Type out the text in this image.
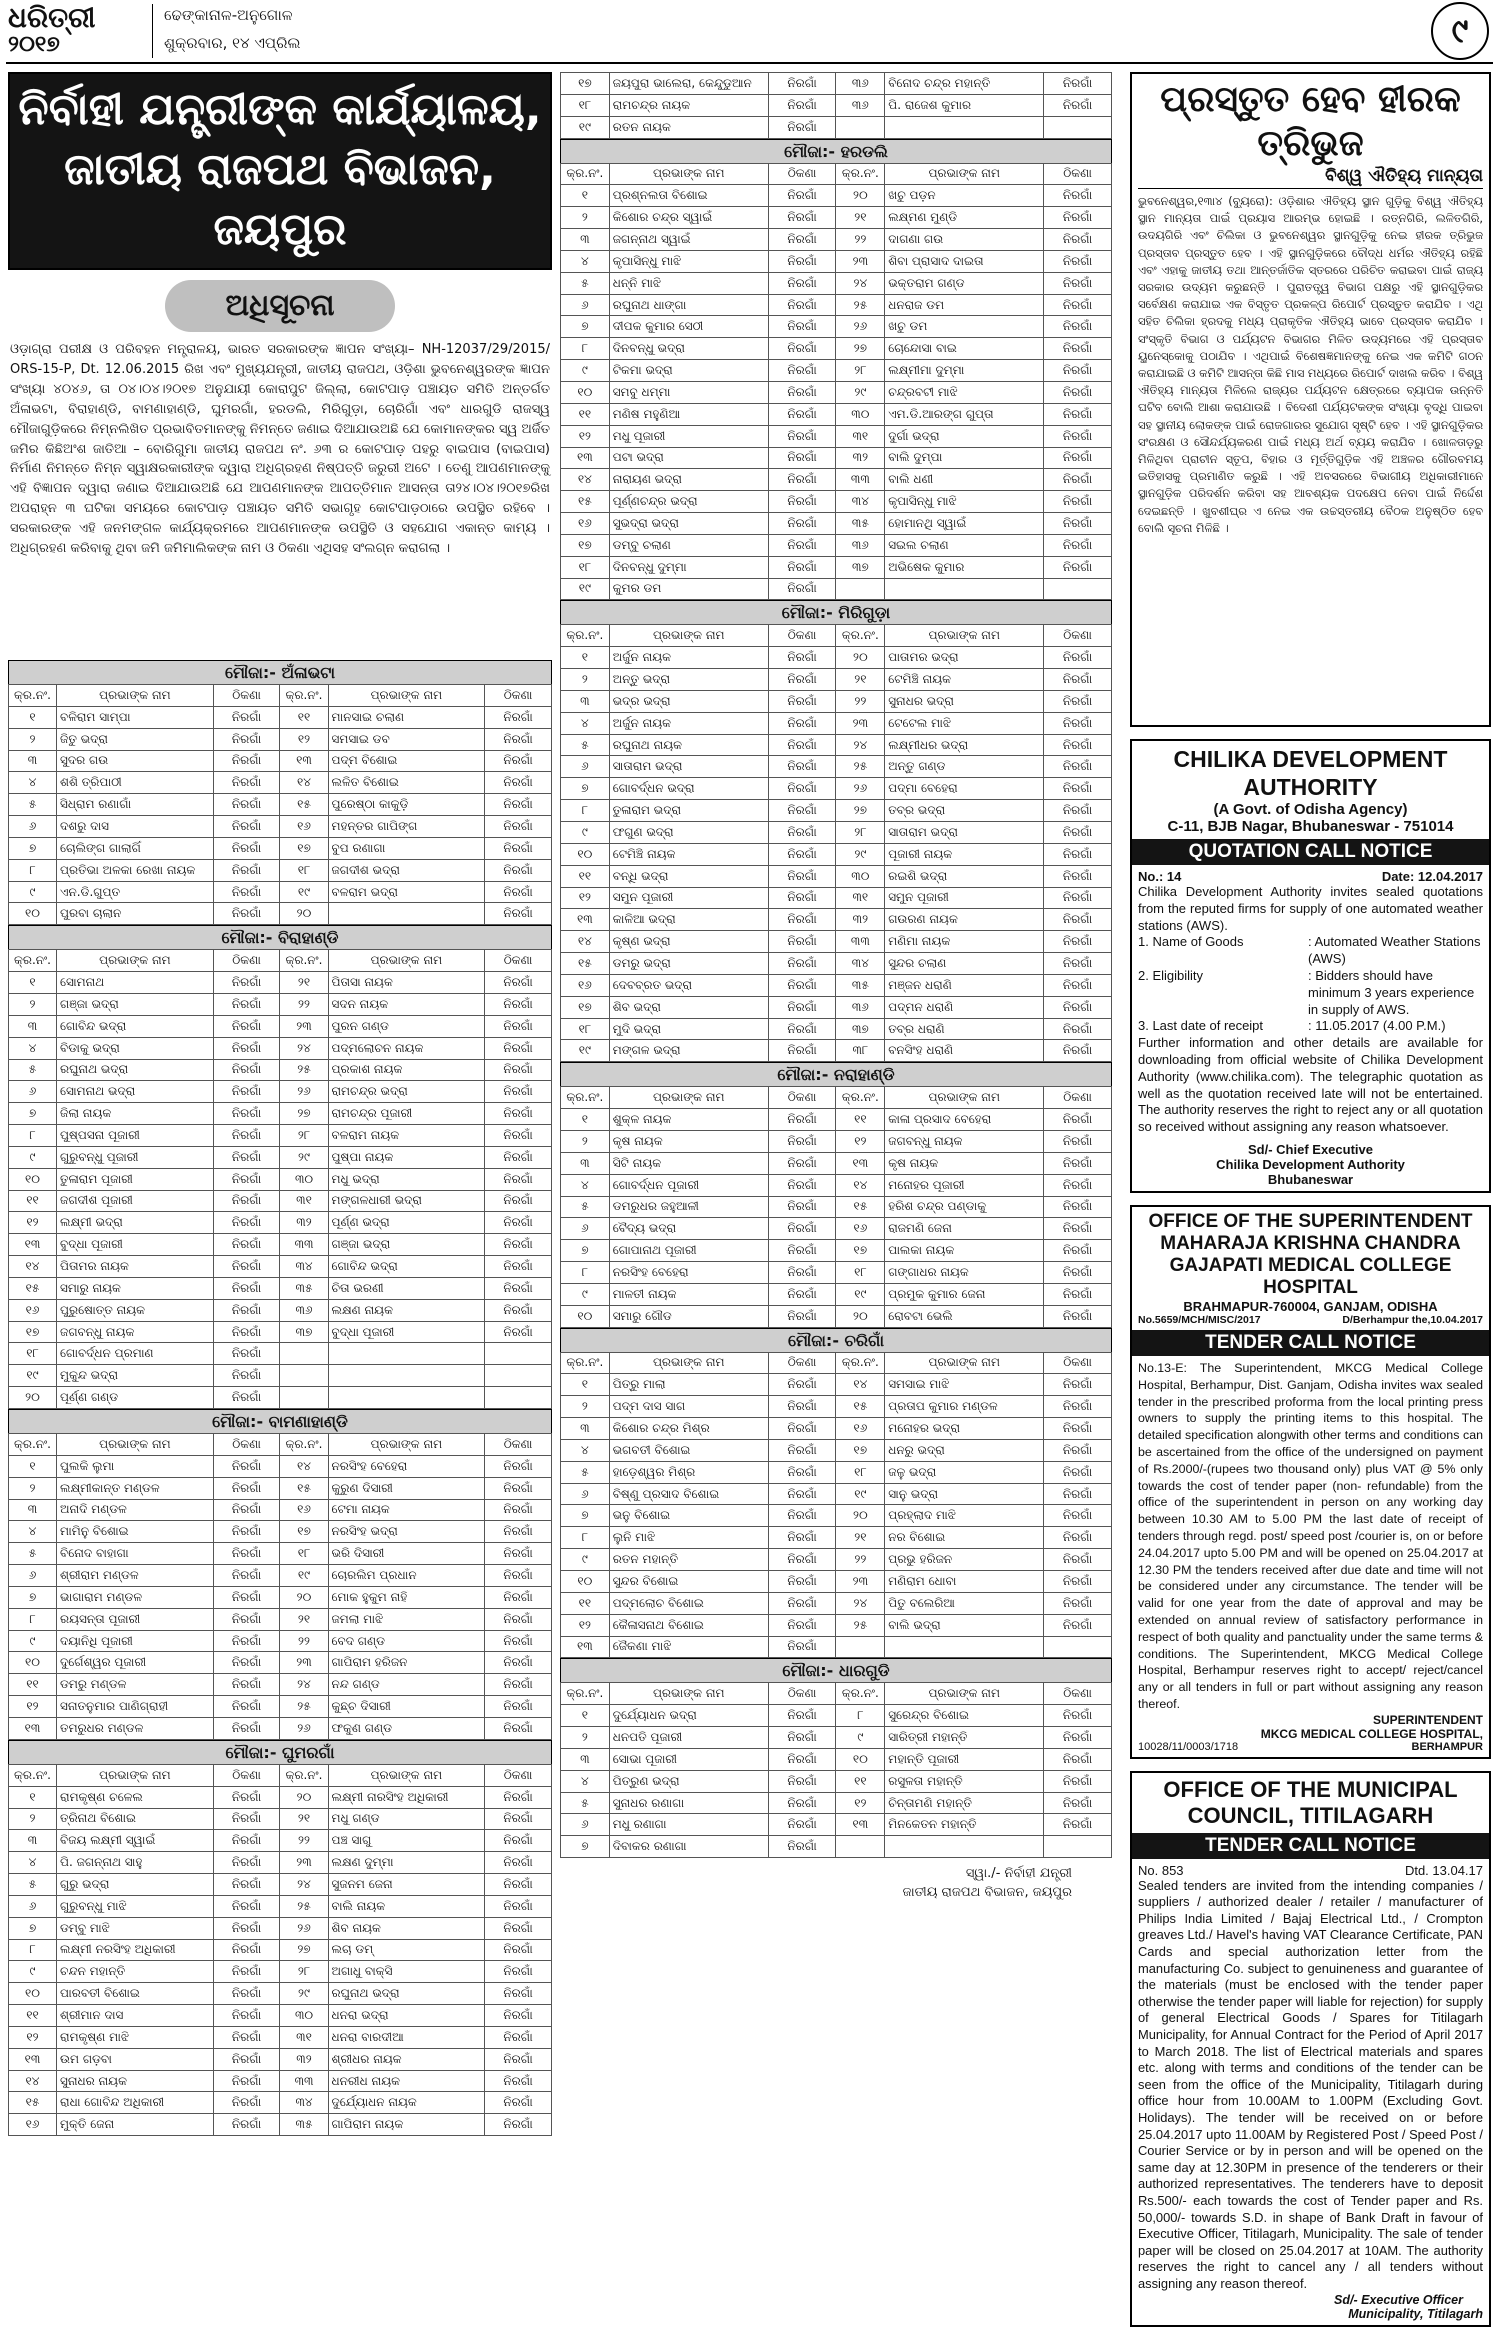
ଧରିତ୍ରୀ
୨୦୧୭
ଢେଙ୍କାନାଳ-ଅନୁଗୋଳ
ଶୁକ୍ରବାର, ୧୪ ଏପ୍ରିଲ	୯
ନିର୍ବାହୀ ଯନ୍ତ୍ରୀଙ୍କ କାର୍ଯ୍ୟାଳୟ,
ଜାତୀୟ ରାଜପଥ ବିଭାଜନ, ଜୟପୁର
ଅଧିସୂଚନା
ଓଡ଼ାଗ୍ରା ପରୀକ୍ଷ ଓ ପରିବହନ ମନ୍ତ୍ରାଳୟ, ଭାରତ ସରକାରଙ୍କ ଜ୍ଞାପନ ସଂଖ୍ୟା– NH-12037/29/2015/ ORS-15-P, Dt. 12.06.2015 ରିଖ ଏବଂ ମୁଖ୍ୟଯନ୍ତ୍ରୀ, ଜାତୀୟ ରାଜପଥ, ଓଡ଼ିଶା ଭୁବନେଶ୍ୱରଙ୍କ ଜ୍ଞାପନ ସଂଖ୍ୟା ୪୦୪୬, ତା ୦୪।୦୪।୨୦୧୭ ଅନୁଯାୟୀ କୋରାପୁଟ ଜିଲ୍ଲା, କୋଟପାଡ଼ ପଞ୍ଚାୟତ ସମିତି ଅନ୍ତର୍ଗତ ଅଁଳାଭଟା, ବିରାହାଣ୍ଡି, ବାମଣାହାଣ୍ଡି, ଘୁମରଗାଁ, ହରଡଲି, ମିରିଗୁଡ଼ା, ଚୋରିଗାଁ ଏବଂ ଧାରଗୁଡି ରାଜସ୍ୱ ମୌଜାଗୁଡ଼ିକରେ ନିମ୍ନଲିଖିତ ପ୍ରଭାବିତମାନଙ୍କୁ ନିମନ୍ତେ ଜଣାଇ ଦିଆଯାଉଅଛି ଯେ କୋମାନଙ୍କର ସ୍ୱ ଅର୍ଜିତ ଜମିର କିଛିଅଂଶ ଜାତିଆ – ବୋରିଗୁମା ଜାତୀୟ ରାଜପଥ ନଂ. ୬୩ ର କୋଟପାଡ଼ ପହରୁ ବାଇପାସ (ବାଇପାସ) ନିର୍ମାଣ ନିମନ୍ତେ ନିମ୍ନ ସ୍ୱାକ୍ଷରକାରୀଙ୍କ ଦ୍ୱାରା ଅଧିଗ୍ରହଣ ନିଷ୍ପତ୍ତି ଜରୁରୀ ଅଟେ । ତେଣୁ ଆପଣମାନଙ୍କୁ ଏହି ବିଜ୍ଞାପନ ଦ୍ୱାରା ଜଣାଇ ଦିଆଯାଉଅଛି ଯେ ଆପଣମାନଙ୍କ ଆପତ୍ତିମାନ ଆସନ୍ତା ତା୨୪।୦୪।୨୦୧୭ରିଖ ଅପରାହ୍ନ ୩ ଘଟିକା ସମୟରେ କୋଟପାଡ଼ ପଞ୍ଚାୟତ ସମିତି ସଭାଗୃହ କୋଟପାଡ଼ଠାରେ ଉପସ୍ଥିତ ରହିବେ । ସରକାରଙ୍କ ଏହି ଜନମଙ୍ଗଳ କାର୍ଯ୍ୟକ୍ରମରେ ଆପଣମାନଙ୍କ ଉପସ୍ଥିତି ଓ ସହଯୋଗ ଏକାନ୍ତ କାମ୍ୟ । ଅଧିଗ୍ରହଣ କରିବାକୁ ଥିବା ଜମି ଜମିମାଲିକଙ୍କ ନାମ ଓ ଠିକଣା ଏଥିସହ ସଂଲଗ୍ନ କରାଗଲା ।
ମୌଜା:- ଅଁଳାଭଟା
କ୍ର.ନଂ.	ପ୍ରଭାଙ୍କ ନାମ	ଠିକଣା	କ୍ର.ନଂ.	ପ୍ରଭାଙ୍କ ନାମ	ଠିକଣା
୧	ବଳିରାମ ସାମ୍ପା	ନିରଗାଁ	୧୧	ମାନସାଇ ଚଲାଣ	ନିରଗାଁ
୨	ଜିତୁ ଭଦ୍ରା	ନିରଗାଁ	୧୨	ସମସାଇ ଡବ	ନିରଗାଁ
୩	ସୁଦର ଗଉ	ନିରଗାଁ	୧୩	ପଦ୍ମ ବିଶୋଇ	ନିରଗାଁ
୪	ଶଶି ତ୍ରିପାଠୀ	ନିରଗାଁ	୧୪	ଲଳିତ ବିଶୋଇ	ନିରଗାଁ
୫	ସିଧ୍ରାମ ରଣାଗାଁ	ନିରଗାଁ	୧୫	ପୁରେଷ୍ଠା କାକୁଡ଼ି	ନିରଗାଁ
୬	ଦଶରୁ ଦାସ	ନିରଗାଁ	୧୬	ମହନ୍ତର ଗାପିଙ୍ଗ	ନିରଗାଁ
୭	ଚୋଲିଙ୍ଗ ଗାଲାଗିଁ	ନିରଗାଁ	୧୭	ବୁପ ରଣାଗା	ନିରଗାଁ
୮	ପ୍ରତିଭା ଅଳକା ରେଖା ନାୟକ	ନିରଗାଁ	୧୮	ଜଗଦୀଶ ଭଦ୍ରା	ନିରଗାଁ
୯	ଏନ.ଡି.ଗୁପ୍ତ	ନିରଗାଁ	୧୯	ବଳରାମ ଭଦ୍ରା	ନିରଗାଁ
୧୦	ପୁରବା ଚାଲାନ	ନିରଗାଁ	୨୦		ନିରଗାଁ
ମୌଜା:- ବିରାହାଣ୍ଡି
କ୍ର.ନଂ.	ପ୍ରଭାଙ୍କ ନାମ	ଠିକଣା	କ୍ର.ନଂ.	ପ୍ରଭାଙ୍କ ନାମ	ଠିକଣା
୧	ସୋମନାଥ	ନିରଗାଁ	୨୧	ପିତାସା ନାୟକ	ନିରଗାଁ
୨	ଗଞ୍ଜା ଭଦ୍ରା	ନିରଗାଁ	୨୨	ସଦନ ନାୟକ	ନିରଗାଁ
୩	ଗୋବିନ୍ଦ ଭଦ୍ରା	ନିରଗାଁ	୨୩	ପୁରନ ଗଣ୍ଡ	ନିରଗାଁ
୪	ବିଡାକୁ ଭଦ୍ରା	ନିରଗାଁ	୨୪	ପଦ୍ମଲୋଚନ ନାୟକ	ନିରଗାଁ
୫	ରଘୁନାଥ ଭଦ୍ରା	ନିରଗାଁ	୨୫	ପ୍ରକାଶ ନାୟକ	ନିରଗାଁ
୬	ସୋମନାଥ ଭଦ୍ରା	ନିରଗାଁ	୨୬	ରାମଚନ୍ଦ୍ର ଭଦ୍ରା	ନିରଗାଁ
୭	ଜିଲା ନାୟକ	ନିରଗାଁ	୨୭	ରାମଚନ୍ଦ୍ର ପୂଜାରୀ	ନିରଗାଁ
୮	ପୁଷ୍ପସନା ପୂଜାରୀ	ନିରଗାଁ	୨୮	ବଳରାମ ନାୟକ	ନିରଗାଁ
୯	ଗୁରୁବନ୍ଧୁ ପୂଜାରୀ	ନିରଗାଁ	୨୯	ପୁଷ୍ପା ନାୟକ	ନିରଗାଁ
୧୦	ତୁଳାରାମ ପୂଜାରୀ	ନିରଗାଁ	୩୦	ମଧୁ ଭଦ୍ରା	ନିରଗାଁ
୧୧	ଜଗଦୀଶ ପୂଜାରୀ	ନିରଗାଁ	୩୧	ମଙ୍ଗଳଧାରୀ ଭଦ୍ରା	ନିରଗାଁ
୧୨	ଲକ୍ଷ୍ମୀ ଭଦ୍ରା	ନିରଗାଁ	୩୨	ପୂର୍ଣ୍ଣ ଭଦ୍ରା	ନିରଗାଁ
୧୩	ବୁଦ୍ଧା ପୂଜାରୀ	ନିରଗାଁ	୩୩	ଗଞ୍ଜା ଭଦ୍ରା	ନିରଗାଁ
୧୪	ପିତାମର ନାୟକ	ନିରଗାଁ	୩୪	ଗୋବିନ୍ଦ ଭଦ୍ରା	ନିରଗାଁ
୧୫	ସମାରୁ ନାୟକ	ନିରଗାଁ	୩୫	ଚିତା ଭରଣୀ	ନିରଗାଁ
୧୬	ପୁରୁଷୋତ୍ତ ନାୟକ	ନିରଗାଁ	୩୬	ଲକ୍ଷଣ ନାୟକ	ନିରଗାଁ
୧୭	ଜଗବନ୍ଧୁ ନାୟକ	ନିରଗାଁ	୩୭	ବୁଦ୍ଧା ପୂଜାରୀ	ନିରଗାଁ
୧୮	ଗୋବର୍ଦ୍ଧନ ପ୍ରମାଣ	ନିରଗାଁ			
୧୯	ମୁକୁନ୍ଦ ଭଦ୍ରା	ନିରଗାଁ			
୨୦	ପୂର୍ଣ୍ଣ ଗଣ୍ଡ	ନିରଗାଁ			
ମୌଜା:- ବାମଣାହାଣ୍ଡି
କ୍ର.ନଂ.	ପ୍ରଭାଙ୍କ ନାମ	ଠିକଣା	କ୍ର.ନଂ.	ପ୍ରଭାଙ୍କ ନାମ	ଠିକଣା
୧	ପୁଲକି ଲୁମା	ନିରଗାଁ	୧୪	ନରସିଂହ ବେହେରା	ନିରଗାଁ
୨	ଲକ୍ଷ୍ମୀକାନ୍ତ ମଣ୍ଡଳ	ନିରଗାଁ	୧୫	କୁରୁଣ ଦିସାରୀ	ନିରଗାଁ
୩	ଅନାଦି ମଣ୍ଡଳ	ନିରଗାଁ	୧୬	ଟେମା ନାୟକ	ନିରଗାଁ
୪	ମାମିନୁ ବିଶୋଇ	ନିରଗାଁ	୧୭	ନରସିଂହ ଭଦ୍ରା	ନିରଗାଁ
୫	ବିନୋଦ ବାହାଗା	ନିରଗାଁ	୧୮	ଭରି ଦିସାରୀ	ନିରଗାଁ
୬	ଶ୍ରୀରାମ ମଣ୍ଡଳ	ନିରଗାଁ	୧୯	ଚୋରଲିମ ପ୍ରଧାନ	ନିରଗାଁ
୭	ଭାଗାରାମ ମଣ୍ଡଳ	ନିରଗାଁ	୨୦	ମୋକ ହୁକୁମ ନାହି	ନିରଗାଁ
୮	ରୟସନ୍ତା ପୂଜାରୀ	ନିରଗାଁ	୨୧	ଜମଲା ମାଝି	ନିରଗାଁ
୯	ଦୟାନିଧି ପୂଜାରୀ	ନିରଗାଁ	୨୨	ବେଦ ଗଣ୍ଡ	ନିରଗାଁ
୧୦	ଦୁର୍ଗେଶ୍ୱର ପୂଜାରୀ	ନିରଗାଁ	୨୩	ଗାପିରାମ ହରିଜନ	ନିରଗାଁ
୧୧	ଡମରୁ ମଣ୍ଡଳ	ନିରଗାଁ	୨୪	ନନ୍ଦ ଗଣ୍ଡ	ନିରଗାଁ
୧୨	ସନାତନୁମାର ପାଣିଗ୍ରାହୀ	ନିରଗାଁ	୨୫	କୁଛ୍ଚ ଦିସାରୀ	ନିରଗାଁ
୧୩	ତମରୁଧର ମଣ୍ଡଳ	ନିରଗାଁ	୨୬	ଫକୁଣ ଗଣ୍ଡ	ନିରଗାଁ
ମୌଜା:- ଘୁମରଗାଁ
କ୍ର.ନଂ.	ପ୍ରଭାଙ୍କ ନାମ	ଠିକଣା	କ୍ର.ନଂ.	ପ୍ରଭାଙ୍କ ନାମ	ଠିକଣା
୧	ରାମକୃଷ୍ଣ ଚଳେଲ	ନିରଗାଁ	୨୦	ଲକ୍ଷ୍ମୀ ନାରସିଂହ ଅଧିକାରୀ	ନିରଗାଁ
୨	ତ୍ରିନାଥ ବିଶୋଇ	ନିରଗାଁ	୨୧	ମଧୁ ଗଣ୍ଡ	ନିରଗାଁ
୩	ବିଜୟ ଲକ୍ଷ୍ମୀ ସ୍ୱାଇଁ	ନିରଗାଁ	୨୨	ପଞ୍ଚ ସାଗୁ	ନିରଗାଁ
୪	ପି. ଜଗନ୍ନାଥ ସାହୁ	ନିରଗାଁ	୨୩	ଲକ୍ଷଣ ଦୁମ୍ମା	ନିରଗାଁ
୫	ଗୁରୁ ଭଦ୍ରା	ନିରଗାଁ	୨୪	ସୁଜନମ ଜେନା	ନିରଗାଁ
୬	ଗୁରୁବନ୍ଧୁ ମାଝି	ନିରଗାଁ	୨୫	ବାଲି ନାୟକ	ନିରଗାଁ
୭	ଡମ୍ବୁ ମାଝି	ନିରଗାଁ	୨୬	ଶିବ ନାୟକ	ନିରଗାଁ
୮	ଲକ୍ଷ୍ମୀ ନରସିଂହ ଅଧିକାରୀ	ନିରଗାଁ	୨୭	ଲଚା ଡମ୍	ନିରଗାଁ
୯	ଚନ୍ଦନ ମହାନ୍ତି	ନିରଗାଁ	୨୮	ଅଗାଧୁ ବାକ୍ସି	ନିରଗାଁ
୧୦	ପାରବତୀ ବିଶୋଇ	ନିରଗାଁ	୨୯	ରଘୁନାଥ ଭଦ୍ରା	ନିରଗାଁ
୧୧	ଶ୍ରୀମାନ ଦାସ	ନିରଗାଁ	୩୦	ଧନରା ଭଦ୍ରା	ନିରଗାଁ
୧୨	ରାମକୃଷ୍ଣ ମାଝି	ନିରଗାଁ	୩୧	ଧନରା ବାରଦୀଆ	ନିରଗାଁ
୧୩	ଉମ ଗଡ଼ବା	ନିରଗାଁ	୩୨	ଶ୍ରୀଧର ନାୟକ	ନିରଗାଁ
୧୪	ସୁନାଧର ନାୟକ	ନିରଗାଁ	୩୩	ଧନରୀଧ ନାୟକ	ନିରଗାଁ
୧୫	ରାଧା ଗୋବିନ୍ଦ ଅଧିକାରୀ	ନିରଗାଁ	୩୪	ଦୁର୍ଯ୍ୟୋଧନ ନାୟକ	ନିରଗାଁ
୧୬	ମୁକ୍ତି ଜେନା	ନିରଗାଁ	୩୫	ଗାପିରାମ ନାୟକ	ନିରଗାଁ
୧୭	ଜୟପୁରା ଭାଲେରା, କେନ୍ଦୁଡୁଆନ	ନିରଗାଁ	୩୬	ବିନୋଦ ଚନ୍ଦ୍ର ମହାନ୍ତି	ନିରଗାଁ
୧୮	ରାମଚନ୍ଦ୍ର ନାୟକ	ନିରଗାଁ	୩୬	ପି. ରାଜେଶ କୁମାର	ନିରଗାଁ
୧୯	ରତନ ନାୟକ	ନିରଗାଁ			
ମୌଜା:- ହରଡଲି
କ୍ର.ନଂ.	ପ୍ରଭାଙ୍କ ନାମ	ଠିକଣା	କ୍ର.ନଂ.	ପ୍ରଭାଙ୍କ ନାମ	ଠିକଣା
୧	ପ୍ରଶ୍ନଲତା ବିଶୋଇ	ନିରଗାଁ	୨୦	ଖଚୁ ପଡ଼ନ	ନିରଗାଁ
୨	କିଶୋର ଚନ୍ଦ୍ର ସ୍ୱାଇଁ	ନିରଗାଁ	୨୧	ଲକ୍ଷ୍ମଣ ମୁଣ୍ଡି	ନିରଗାଁ
୩	ଜଗନ୍ନାଥ ସ୍ୱାଇଁ	ନିରଗାଁ	୨୨	ଦାଗଣା ଗଉ	ନିରଗାଁ
୪	କୃପାସିନ୍ଧୁ ମାଝି	ନିରଗାଁ	୨୩	ଶିବା ପ୍ରାସାଦ ଦାଇତା	ନିରଗାଁ
୫	ଧନ୍ନି ମାଝି	ନିରଗାଁ	୨୪	ଭକ୍ତରାମ ଗଣ୍ଡ	ନିରଗାଁ
୬	ରଘୁନାଥ ଧାଙ୍ଗା	ନିରଗାଁ	୨୫	ଧନରାଜ ଡମ	ନିରଗାଁ
୭	ଦୀପକ କୁମାର ସେଠୀ	ନିରଗାଁ	୨୬	ଖଚୁ ଡମ	ନିରଗାଁ
୮	ଦିନବନ୍ଧୁ ଭଦ୍ରା	ନିରଗାଁ	୨୭	ଚୋନ୍ଦୋସା ବାଇ	ନିରଗାଁ
୯	ଟିକମା ଭଦ୍ରା	ନିରଗାଁ	୨୮	ଲକ୍ଷ୍ମୀମା ଦୁମ୍ମା	ନିରଗାଁ
୧୦	ସମବୁ ଧମ୍ମା	ନିରଗାଁ	୨୯	ଚନ୍ଦ୍ରବଟୀ ମାଝି	ନିରଗାଁ
୧୧	ମଣିଷ ମହୁଣିଆ	ନିରଗାଁ	୩୦	ଏମ.ଡି.ଆରଙ୍ଗ ଗୁପ୍ତା	ନିରଗାଁ
୧୨	ମଧୁ ପୂଜାରୀ	ନିରଗାଁ	୩୧	ଦୁର୍ଗା ଭଦ୍ରା	ନିରଗାଁ
୧୩	ପଟା ଭଦ୍ରା	ନିରଗାଁ	୩୨	ବାଲି ଦୁମ୍ପା	ନିରଗାଁ
୧୪	ନାରାୟଣ ଭଦ୍ରା	ନିରଗାଁ	୩୩	ବାଲି ଧଣୀ	ନିରଗାଁ
୧୫	ପୂର୍ଣ୍ଣଚନ୍ଦ୍ର ଭଦ୍ରା	ନିରଗାଁ	୩୪	କୃପାସିନ୍ଧୁ ମାଝି	ନିରଗାଁ
୧୬	ସୁଭଦ୍ରା ଭଦ୍ରା	ନିରଗାଁ	୩୫	ହୋମାନଥି ସ୍ୱାଇଁ	ନିରଗାଁ
୧୭	ଡମ୍ବୁ ଚଲାଣ	ନିରଗାଁ	୩୬	ସଇଲ ଚଲାଣ	ନିରଗାଁ
୧୮	ଦିନବନ୍ଧୁ ଦୁମ୍ମା	ନିରଗାଁ	୩୭	ଅଭିଷେକ କୁମାର	ନିରଗାଁ
୧୯	କୁମର ଡମ	ନିରଗାଁ			
ମୌଜା:- ମିରିଗୁଡ଼ା
କ୍ର.ନଂ.	ପ୍ରଭାଙ୍କ ନାମ	ଠିକଣା	କ୍ର.ନଂ.	ପ୍ରଭାଙ୍କ ନାମ	ଠିକଣା
୧	ଅର୍ଜୁନ ନାୟକ	ନିରଗାଁ	୨୦	ପାତାମର ଭଦ୍ରା	ନିରଗାଁ
୨	ଅନ୍ତୁ ଭଦ୍ରା	ନିରଗାଁ	୨୧	ଟେମିଞ୍ଚି ନାୟକ	ନିରଗାଁ
୩	ଭଦ୍ର ଭଦ୍ରା	ନିରଗାଁ	୨୨	ସୁନାଧର ଭଦ୍ରା	ନିରଗାଁ
୪	ଅର୍ଜୁନ ନାୟକ	ନିରଗାଁ	୨୩	ଟେଟେଲ ମାଝି	ନିରଗାଁ
୫	ରଘୁନାଥ ନାୟକ	ନିରଗାଁ	୨୪	ଲକ୍ଷ୍ମୀଧର ଭଦ୍ରା	ନିରଗାଁ
୬	ସାତାରାମ ଭଦ୍ରା	ନିରଗାଁ	୨୫	ଅନ୍ତୁ ଗଣ୍ଡ	ନିରଗାଁ
୭	ଗୋବର୍ଦ୍ଧନ ଭଦ୍ରା	ନିରଗାଁ	୨୬	ପଦ୍ମା ବେହେରା	ନିରଗାଁ
୮	ତୁଳାରାମ ଭଦ୍ରା	ନିରଗାଁ	୨୭	ତବ୍ର ଭଦ୍ରା	ନିରଗାଁ
୯	ଫଗୁଣ ଭଦ୍ରା	ନିରଗାଁ	୨୮	ସାତାରାମ ଭଦ୍ରା	ନିରଗାଁ
୧୦	ଟେମିଞ୍ଚି ନାୟକ	ନିରଗାଁ	୨୯	ପୂଜାରୀ ନାୟକ	ନିରଗାଁ
୧୧	ବନ୍ଧି ଭଦ୍ରା	ନିରଗାଁ	୩୦	ରଇଶି ଭଦ୍ରା	ନିରଗାଁ
୧୨	ସମୁନ ପୂଜାରୀ	ନିରଗାଁ	୩୧	ସମୁନ ପୂଜାରୀ	ନିରଗାଁ
୧୩	କାଳିଆ ଭଦ୍ରା	ନିରଗାଁ	୩୨	ଗଉରଣ ନାୟକ	ନିରଗାଁ
୧୪	କୃଷ୍ଣ ଭଦ୍ରା	ନିରଗାଁ	୩୩	ମଣିମା ନାୟକ	ନିରଗାଁ
୧୫	ଡମରୁ ଭଦ୍ରା	ନିରଗାଁ	୩୪	ସୁନ୍ଦର ଚଲାଣ	ନିରଗାଁ
୧୬	ଦେବବ୍ରତ ଭଦ୍ରା	ନିରଗାଁ	୩୫	ମଞ୍ଜନ ଧରାଣି	ନିରଗାଁ
୧୭	ଶିବ ଭଦ୍ରା	ନିରଗାଁ	୩୬	ପଦ୍ମନ ଧରାଣି	ନିରଗାଁ
୧୮	ମୁଦି ଭଦ୍ରା	ନିରଗାଁ	୩୭	ତବ୍ର ଧରାଣି	ନିରଗାଁ
୧୯	ମଙ୍ଗଳ ଭଦ୍ରା	ନିରଗାଁ	୩୮	ବନସିଂହ ଧରାଣି	ନିରଗାଁ
ମୌଜା:- ନରାହାଣ୍ଡି
କ୍ର.ନଂ.	ପ୍ରଭାଙ୍କ ନାମ	ଠିକଣା	କ୍ର.ନଂ.	ପ୍ରଭାଙ୍କ ନାମ	ଠିକଣା
୧	ଶୁକ୍ଳ ନାୟକ	ନିରଗାଁ	୧୧	କାଳା ପ୍ରସାଦ ବେହେରା	ନିରଗାଁ
୨	କୃଷ ନାୟକ	ନିରଗାଁ	୧୨	ଜଗବନ୍ଧୁ ନାୟକ	ନିରଗାଁ
୩	ସିଟି ନାୟକ	ନିରଗାଁ	୧୩	କୃଷ ନାୟକ	ନିରଗାଁ
୪	ଗୋବର୍ଦ୍ଧନ ପୂଜାରୀ	ନିରଗାଁ	୧୪	ମନୋହର ପୂଜାରୀ	ନିରଗାଁ
୫	ଡମରୁଧର ଜହୁଆଳୀ	ନିରଗାଁ	୧୫	ହରିଶ ଚନ୍ଦ୍ର ପଣ୍ଡାକୁ	ନିରଗାଁ
୬	ବୈଦ୍ୟ ଭଦ୍ରା	ନିରଗାଁ	୧୬	ରାଜମଣି ଜେନା	ନିରଗାଁ
୭	ଗୋପାନାଥ ପୂଜାରୀ	ନିରଗାଁ	୧୭	ପାଲକା ନାୟକ	ନିରଗାଁ
୮	ନରସିଂହ ବେହେରା	ନିରଗାଁ	୧୮	ଗଙ୍ଗାଧର ନାୟକ	ନିରଗାଁ
୯	ମାଳତୀ ନାୟକ	ନିରଗାଁ	୧୯	ପ୍ରମୁକ କୁମାର ଜେନା	ନିରଗାଁ
୧୦	ସମାରୁ ଗୌଡ	ନିରଗାଁ	୨୦	ରୋବଟା ଭେଲି	ନିରଗାଁ
ମୌଜା:- ଚରିଗାଁ
କ୍ର.ନଂ.	ପ୍ରଭାଙ୍କ ନାମ	ଠିକଣା	କ୍ର.ନଂ.	ପ୍ରଭାଙ୍କ ନାମ	ଠିକଣା
୧	ପିତ୍ରୁ ମାଲା	ନିରଗାଁ	୧୪	ସମସାଇ ମାଝି	ନିରଗାଁ
୨	ପଦ୍ମ ଦାସ ସାଗ	ନିରଗାଁ	୧୫	ପ୍ରତାପ କୁମାର ମଣ୍ଡଳ	ନିରଗାଁ
୩	କିଶୋର ଚନ୍ଦ୍ର ମିଶ୍ର	ନିରଗାଁ	୧୬	ମନୋହର ଭଦ୍ରା	ନିରଗାଁ
୪	ଭଗବତୀ ବିଶୋଇ	ନିରଗାଁ	୧୭	ଧନରୁ ଭଦ୍ରା	ନିରଗାଁ
୫	ହାଡ଼େଶ୍ୱର ମିଶ୍ର	ନିରଗାଁ	୧୮	ଜଳୁ ଭଦ୍ରା	ନିରଗାଁ
୬	ବିଷ୍ଣୁ ପ୍ରସାଦ ବିଶୋଇ	ନିରଗାଁ	୧୯	ସାନୁ ଭଦ୍ରା	ନିରଗାଁ
୭	ଭନୁ ବିଶୋଇ	ନିରଗାଁ	୨୦	ପ୍ରହ୍ଲାଦ ମାଝି	ନିରଗାଁ
୮	ଲୁନି ମାଝି	ନିରଗାଁ	୨୧	ନର ବିଶୋଇ	ନିରଗାଁ
୯	ରତନ ମହାନ୍ତି	ନିରଗାଁ	୨୨	ପ୍ରଭୁ ହରିଜନ	ନିରଗାଁ
୧୦	ସୁନ୍ଦର ବିଶୋଇ	ନିରଗାଁ	୨୩	ମଣିରାମ ଧୋବା	ନିରଗାଁ
୧୧	ପଦ୍ମଲୋଚ ବିଶୋଇ	ନିରଗାଁ	୨୪	ପିତୁ ବଲେରିଆ	ନିରଗାଁ
୧୨	କୈଳାସନାଥ ବିଶୋଇ	ନିରଗାଁ	୨୫	ବାଲି ଭଦ୍ରା	ନିରଗାଁ
୧୩	ଜୈକଣା ମାଝି	ନିରଗାଁ			
ମୌଜା:- ଧାରଗୁଡି
କ୍ର.ନଂ.	ପ୍ରଭାଙ୍କ ନାମ	ଠିକଣା	କ୍ର.ନଂ.	ପ୍ରଭାଙ୍କ ନାମ	ଠିକଣା
୧	ଦୁର୍ଯ୍ୟୋଧନ ଭଦ୍ରା	ନିରଗାଁ	୮	ସୁରେନ୍ଦ୍ର ବିଶୋଇ	ନିରଗାଁ
୨	ଧନପତି ପୂଜାରୀ	ନିରଗାଁ	୯	ସାରିତ୍ରୀ ମହାନ୍ତି	ନିରଗାଁ
୩	ସୋଭା ପୂଜାରୀ	ନିରଗାଁ	୧୦	ମହାନ୍ତି ପୂଜାରୀ	ନିରଗାଁ
୪	ପିତ୍ରୁଣ ଭଦ୍ରା	ନିରଗାଁ	୧୧	ରସୁଳତା ମହାନ୍ତି	ନିରଗାଁ
୫	ସୁନାଧର ରଣାଗା	ନିରଗାଁ	୧୨	ଚିନ୍ତାମଣି ମହାନ୍ତି	ନିରଗାଁ
୬	ମଧୁ ରଣାଗା	ନିରଗାଁ	୧୩	ମିନକେତନ ମହାନ୍ତି	ନିରଗାଁ
୭	ଦିବାକର ରଣାଗା	ନିରଗାଁ			
ସ୍ୱା./- ନିର୍ବାହୀ ଯନ୍ତ୍ରୀ
ଜାତୀୟ ରାଜପଥ ବିଭାଜନ, ଜୟପୁର
ପ୍ରସ୍ତୁତ ହେବ ହୀରକ ତ୍ରିଭୁଜ
ବିଶ୍ୱ ଐତିହ୍ୟ ମାନ୍ୟତା
ଭୁବନେଶ୍ୱର,୧୩ା୪ (ବ୍ୟୁରୋ): ଓଡ଼ିଶାର ଐତିହ୍ୟ ସ୍ଥାନ ଗୁଡ଼ିକୁ ବିଶ୍ୱ ଐତିହ୍ୟ ସ୍ଥାନ ମାନ୍ୟତା ପାଇଁ ପ୍ରୟାସ ଆରମ୍ଭ ହୋଇଛି । ରତ୍ନଗିରି, ଲଳିତଗିରି, ଉଦୟଗିରି ଏବଂ ଚିଲିକା ଓ ଭୁବନେଶ୍ୱର ସ୍ଥାନଗୁଡ଼ିକୁ ନେଇ ହୀରକ ତ୍ରିଭୁଜ ପ୍ରସ୍ତାବ ପ୍ରସ୍ତୁତ ହେବ । ଏହି ସ୍ଥାନଗୁଡ଼ିକରେ ବୌଦ୍ଧ ଧର୍ମର ଐତିହ୍ୟ ରହିଛି ଏବଂ ଏହାକୁ ଜାତୀୟ ତଥା ଆନ୍ତର୍ଜାତିକ ସ୍ତରରେ ପରିଚିତ କରାଇବା ପାଇଁ ରାଜ୍ୟ ସରକାର ଉଦ୍ୟମ କରୁଛନ୍ତି । ପୁରାତତ୍ତ୍ୱ ବିଭାଗ ପକ୍ଷରୁ ଏହି ସ୍ଥାନଗୁଡ଼ିକର ସର୍ବେକ୍ଷଣ କରାଯାଇ ଏକ ବିସ୍ତୃତ ପ୍ରକଳ୍ପ ରିପୋର୍ଟ ପ୍ରସ୍ତୁତ କରାଯିବ । ଏଥି ସହିତ ଚିଲିକା ହ୍ରଦକୁ ମଧ୍ୟ ପ୍ରାକୃତିକ ଐତିହ୍ୟ ଭାବେ ପ୍ରସ୍ତାବ କରାଯିବ । ସଂସ୍କୃତି ବିଭାଗ ଓ ପର୍ଯ୍ୟଟନ ବିଭାଗର ମିଳିତ ଉଦ୍ୟମରେ ଏହି ପ୍ରସ୍ତାବ ୟୁନେସ୍କୋକୁ ପଠାଯିବ । ଏଥିପାଇଁ ବିଶେଷଜ୍ଞମାନଙ୍କୁ ନେଇ ଏକ କମିଟି ଗଠନ କରାଯାଇଛି ଓ କମିଟି ଆସନ୍ତା କିଛି ମାସ ମଧ୍ୟରେ ରିପୋର୍ଟ ଦାଖଲ କରିବ । ବିଶ୍ୱ ଐତିହ୍ୟ ମାନ୍ୟତା ମିଳିଲେ ରାଜ୍ୟର ପର୍ଯ୍ୟଟନ କ୍ଷେତ୍ରରେ ବ୍ୟାପକ ଉନ୍ନତି ଘଟିବ ବୋଲି ଆଶା କରାଯାଉଛି । ବିଦେଶୀ ପର୍ଯ୍ୟଟକଙ୍କ ସଂଖ୍ୟା ବୃଦ୍ଧି ପାଇବା ସହ ସ୍ଥାନୀୟ ଲୋକଙ୍କ ପାଇଁ ରୋଜଗାରର ସୁଯୋଗ ସୃଷ୍ଟି ହେବ । ଏହି ସ୍ଥାନଗୁଡ଼ିକର ସଂରକ୍ଷଣ ଓ ସୌନ୍ଦର୍ଯ୍ୟକରଣ ପାଇଁ ମଧ୍ୟ ଅର୍ଥ ବ୍ୟୟ କରାଯିବ । ଖୋଳତାଡ଼ରୁ ମିଳିଥିବା ପ୍ରାଚୀନ ସ୍ତୂପ, ବିହାର ଓ ମୂର୍ତ୍ତିଗୁଡ଼ିକ ଏହି ଅଞ୍ଚଳର ଗୌରବମୟ ଇତିହାସକୁ ପ୍ରମାଣିତ କରୁଛି । ଏହି ଅବସରରେ ବିଭାଗୀୟ ଅଧିକାରୀମାନେ ସ୍ଥାନଗୁଡ଼ିକ ପରିଦର୍ଶନ କରିବା ସହ ଆବଶ୍ୟକ ପଦକ୍ଷେପ ନେବା ପାଇଁ ନିର୍ଦ୍ଦେଶ ଦେଇଛନ୍ତି । ଖୁବଶୀଘ୍ର ଏ ନେଇ ଏକ ଉଚ୍ଚସ୍ତରୀୟ ବୈଠକ ଅନୁଷ୍ଠିତ ହେବ ବୋଲି ସୂଚନା ମିଳିଛି ।
CHILIKA DEVELOPMENT AUTHORITY
(A Govt. of Odisha Agency)
C-11, BJB Nagar, Bhubaneswar - 751014
QUOTATION CALL NOTICE
No.: 14	Date: 12.04.2017
Chilika Development Authority invites sealed quotations from the reputed firms for supply of one automated weather stations (AWS).
1. Name of Goods	: Automated Weather Stations (AWS)
2. Eligibility	: Bidders should have minimum 3 years experience in supply of AWS.
3. Last date of receipt	: 11.05.2017 (4.00 P.M.)
Further information and other details are available for downloading from official website of Chilika Development Authority (www.chilika.com). The telegraphic quotation as well as the quotation received late will not be entertained. The authority reserves the right to reject any or all quotation so received without assigning any reason whatsoever.
Sd/- Chief Executive
Chilika Development Authority
Bhubaneswar
OFFICE OF THE SUPERINTENDENT
MAHARAJA KRISHNA CHANDRA
GAJAPATI MEDICAL COLLEGE HOSPITAL
BRAHMAPUR-760004, GANJAM, ODISHA
No.5659/MCH/MISC/2017	D/Berhampur the,10.04.2017
TENDER CALL NOTICE
No.13-E: The Superintendent, MKCG Medical College Hospital, Berhampur, Dist. Ganjam, Odisha invites wax sealed tender in the prescribed proforma from the local printing press owners to supply the printing items to this hospital. The detailed specification alongwith other terms and conditions can be ascertained from the office of the undersigned on payment of Rs.2000/-(rupees two thousand only) plus VAT @ 5% only towards the cost of tender paper (non- refundable) from the office of the superintendent in person on any working day between 10.30 AM to 5.00 PM the last date of receipt of tenders through regd. post/ speed post /courier is, on or before 24.04.2017 upto 5.00 PM and will be opened on 25.04.2017 at 12.30 PM the tenders received after due date and time will not be considered under any circumstance. The tender will be valid for one year from the date of approval and may be extended on annual review of satisfactory performance in respect of both quality and panctuality under the same terms & conditions. The Superintendent, MKCG Medical College Hospital, Berhampur reserves right to accept/ reject/cancel any or all tenders in full or part without assigning any reason thereof.
SUPERINTENDENT
MKCG MEDICAL COLLEGE HOSPITAL,
10028/11/0003/1718	BERHAMPUR
OFFICE OF THE MUNICIPAL
COUNCIL, TITILAGARH
TENDER CALL NOTICE
No. 853	Dtd. 13.04.17
Sealed tenders are invited from the intending companies / suppliers / authorized dealer / retailer / manufacturer of Philips India Limited / Bajaj Electrical Ltd., / Crompton greaves Ltd./ Havel's having VAT Clearance Certificate, PAN Cards and special authorization letter from the manufacturing Co. subject to genuineness and guarantee of the materials (must be enclosed with the tender paper otherwise the tender paper will liable for rejection) for supply of general Electrical Goods / Spares for Titilagarh Municipality, for Annual Contract for the Period of April 2017 to March 2018. The list of Electrical materials and spares etc. along with terms and conditions of the tender can be seen from the office of the Municipality, Titilagarh during office hour from 10.00AM to 1.00PM (Excluding Govt. Holidays). The tender will be received on or before 25.04.2017 upto 11.00AM by Registered Post / Speed Post / Courier Service or by in person and will be opened on the same day at 12.30PM in presence of the tenderers or their authorized representatives. The tenderers have to deposit Rs.500/- each towards the cost of Tender paper and Rs. 50,000/- towards S.D. in shape of Bank Draft in favour of Executive Officer, Titilagarh, Municipality. The sale of tender paper will be closed on 25.04.2017 at 10AM. The authority reserves the right to cancel any / all tenders without assigning any reason thereof.
Sd/- Executive Officer
Municipality, Titilagarh
